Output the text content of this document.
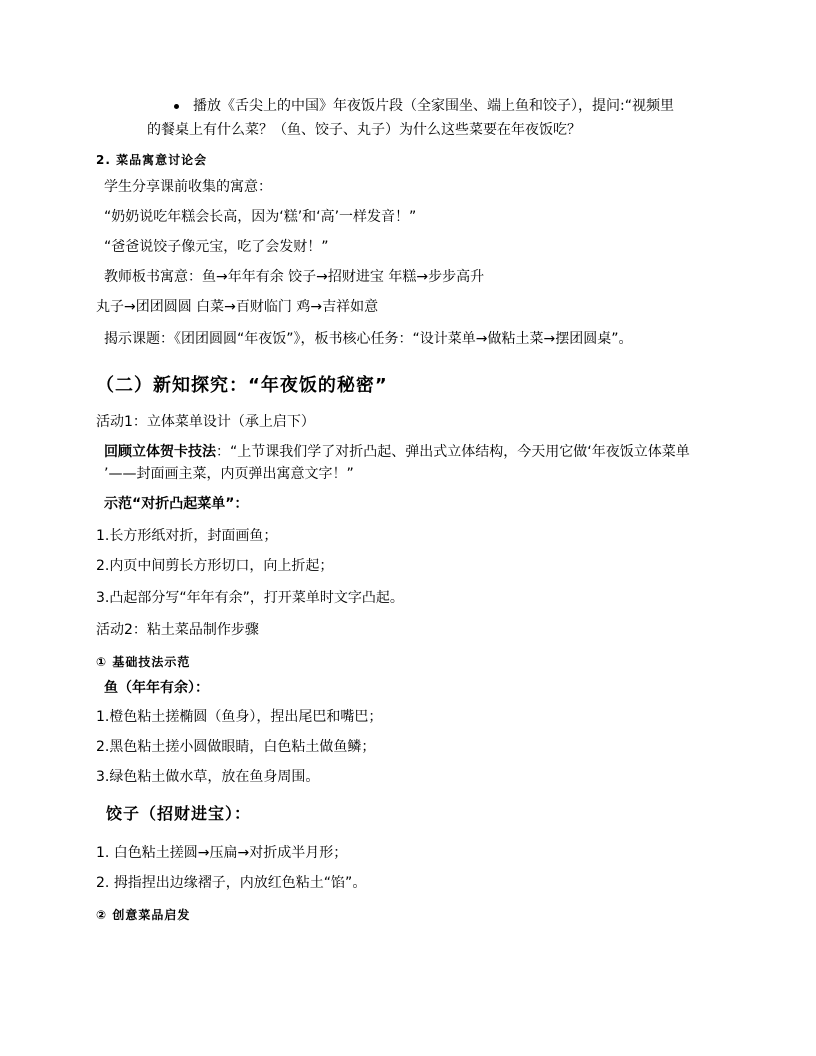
播放《舌尖上的中国》年夜饭片段（全家围坐、端上鱼和饺子），提问:“视频里
的餐桌上有什么菜？（鱼、饺子、丸子）为什么这些菜要在年夜饭吃？
2. 菜品寓意讨论会
学生分享课前收集的寓意：
“奶奶说吃年糕会长高，因为‘糕’和‘高’一样发音！”
“爸爸说饺子像元宝，吃了会发财！”
教师板书寓意：鱼→年年有余 饺子→招财进宝 年糕→步步高升
丸子→团团圆圆 白菜→百财临门 鸡→吉祥如意
揭示课题：《团团圆圆“年夜饭”》，板书核心任务：“设计菜单→做粘土菜→摆团圆桌”。
（二）新知探究：“年夜饭的秘密”
活动1：立体菜单设计（承上启下）
回顾立体贺卡技法：“上节课我们学了对折凸起、弹出式立体结构，今天用它做‘年夜饭立体菜单
’——封面画主菜，内页弹出寓意文字！”
示范“对折凸起菜单”：
1.长方形纸对折，封面画鱼；
2.内页中间剪长方形切口，向上折起；
3.凸起部分写“年年有余”，打开菜单时文字凸起。
活动2：粘土菜品制作步骤
① 基础技法示范
鱼（年年有余）：
1.橙色粘土搓椭圆（鱼身），捏出尾巴和嘴巴；
2.黑色粘土搓小圆做眼睛，白色粘土做鱼鳞；
3.绿色粘土做水草，放在鱼身周围。
饺子（招财进宝）：
1. 白色粘土搓圆→压扁→对折成半月形；
2. 拇指捏出边缘褶子，内放红色粘土“馅”。
② 创意菜品启发
